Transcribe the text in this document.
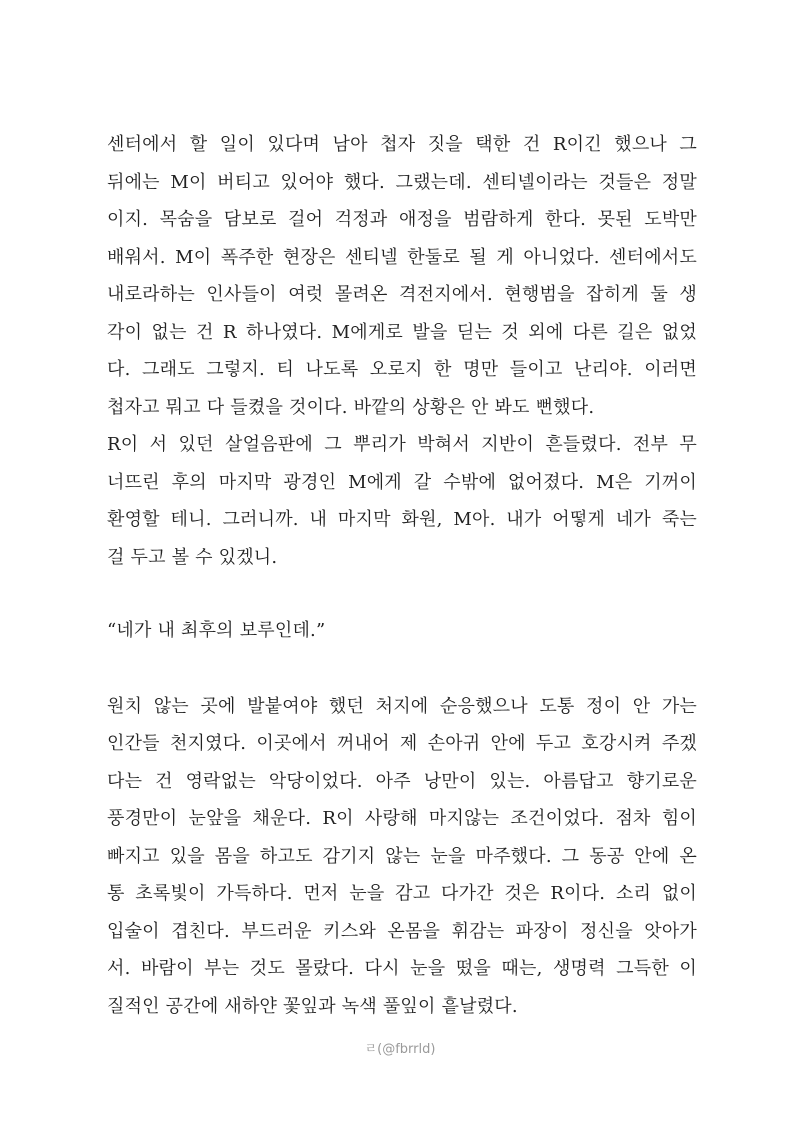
센터에서 할 일이 있다며 남아 첩자 짓을 택한 건 R이긴 했으나 그
뒤에는 M이 버티고 있어야 했다. 그랬는데. 센티넬이라는 것들은 정말
이지. 목숨을 담보로 걸어 걱정과 애정을 범람하게 한다. 못된 도박만
배워서. M이 폭주한 현장은 센티넬 한둘로 될 게 아니었다. 센터에서도
내로라하는 인사들이 여럿 몰려온 격전지에서. 현행범을 잡히게 둘 생
각이 없는 건 R 하나였다. M에게로 발을 딛는 것 외에 다른 길은 없었
다. 그래도 그렇지. 티 나도록 오로지 한 명만 들이고 난리야. 이러면
첩자고 뭐고 다 들켰을 것이다. 바깥의 상황은 안 봐도 뻔했다.
R이 서 있던 살얼음판에 그 뿌리가 박혀서 지반이 흔들렸다. 전부 무
너뜨린 후의 마지막 광경인 M에게 갈 수밖에 없어졌다. M은 기꺼이
환영할 테니. 그러니까. 내 마지막 화원, M아. 내가 어떻게 네가 죽는
걸 두고 볼 수 있겠니.
“네가 내 최후의 보루인데.”
원치 않는 곳에 발붙여야 했던 처지에 순응했으나 도통 정이 안 가는
인간들 천지였다. 이곳에서 꺼내어 제 손아귀 안에 두고 호강시켜 주겠
다는 건 영락없는 악당이었다. 아주 낭만이 있는. 아름답고 향기로운
풍경만이 눈앞을 채운다. R이 사랑해 마지않는 조건이었다. 점차 힘이
빠지고 있을 몸을 하고도 감기지 않는 눈을 마주했다. 그 동공 안에 온
통 초록빛이 가득하다. 먼저 눈을 감고 다가간 것은 R이다. 소리 없이
입술이 겹친다. 부드러운 키스와 온몸을 휘감는 파장이 정신을 앗아가
서. 바람이 부는 것도 몰랐다. 다시 눈을 떴을 때는, 생명력 그득한 이
질적인 공간에 새하얀 꽃잎과 녹색 풀잎이 흩날렸다.
ㄹ(@fbrrld)
